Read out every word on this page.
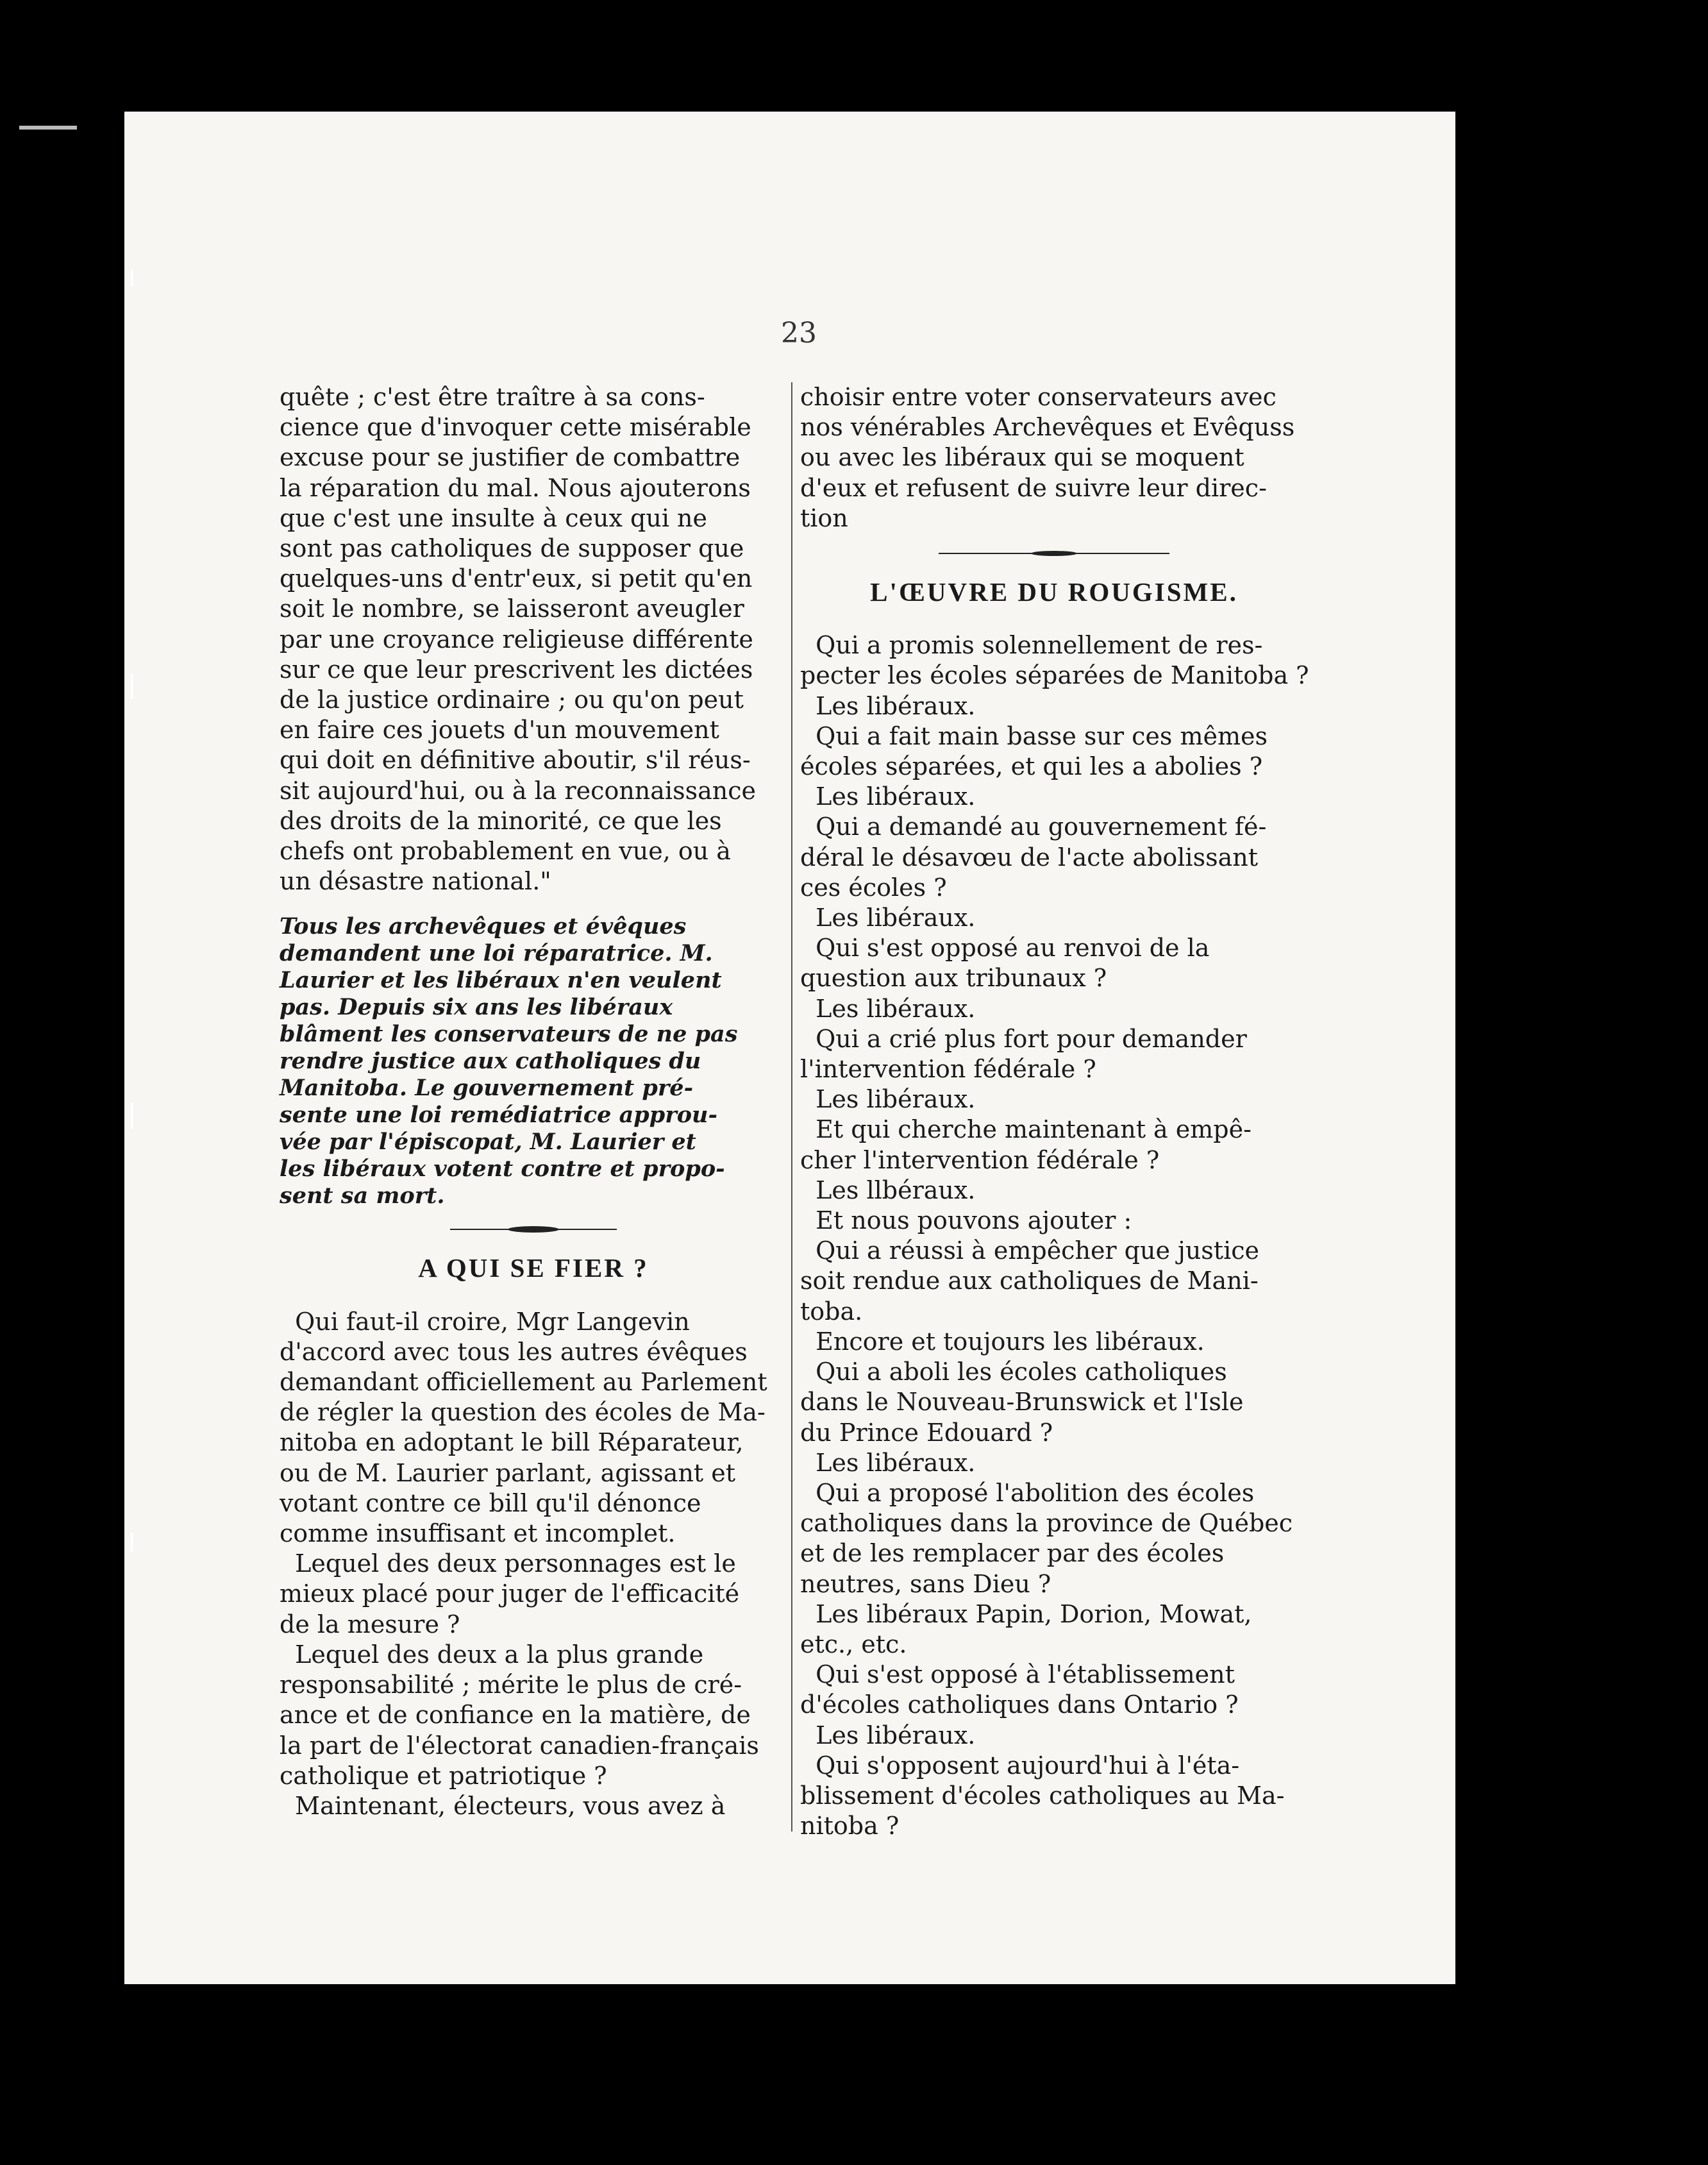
23

quête ; c'est être traître à sa cons-

cience que d'invoquer cette misérable

excuse pour se justifier de combattre

la réparation du mal. Nous ajouterons

que c'est une insulte à ceux qui ne

sont pas catholiques de supposer que

quelques-uns d'entr'eux, si petit qu'en

soit le nombre, se laisseront aveugler

par une croyance religieuse différente

sur ce que leur prescrivent les dictées

de la justice ordinaire ; ou qu'on peut

en faire ces jouets d'un mouvement

qui doit en définitive aboutir, s'il réus-

sit aujourd'hui, ou à la reconnaissance

des droits de la minorité, ce que les

chefs ont probablement en vue, ou à

un désastre national."

Tous les archevêques et évêques

demandent une loi réparatrice. M.

Laurier et les libéraux n'en veulent

pas. Depuis six ans les libéraux

blâment les conservateurs de ne pas

rendre justice aux catholiques du

Manitoba. Le gouvernement pré-

sente une loi remédiatrice approu-

vée par l'épiscopat, M. Laurier et

les libéraux votent contre et propo-

sent sa mort.

A QUI SE FIER ?

Qui faut-il croire, Mgr Langevin

d'accord avec tous les autres évêques

demandant officiellement au Parlement

de régler la question des écoles de Ma-

nitoba en adoptant le bill Réparateur,

ou de M. Laurier parlant, agissant et

votant contre ce bill qu'il dénonce

comme insuffisant et incomplet.

Lequel des deux personnages est le

mieux placé pour juger de l'efficacité

de la mesure ?

Lequel des deux a la plus grande

responsabilité ; mérite le plus de cré-

ance et de confiance en la matière, de

la part de l'électorat canadien-français

catholique et patriotique ?

Maintenant, électeurs, vous avez à

choisir entre voter conservateurs avec

nos vénérables Archevêques et Evêquss

ou avec les libéraux qui se moquent

d'eux et refusent de suivre leur direc-

tion

L'ŒUVRE DU ROUGISME.

Qui a promis solennellement de res-

pecter les écoles séparées de Manitoba ?

Les libéraux.

Qui a fait main basse sur ces mêmes

écoles séparées, et qui les a abolies ?

Les libéraux.

Qui a demandé au gouvernement fé-

déral le désavœu de l'acte abolissant

ces écoles ?

Les libéraux.

Qui s'est opposé au renvoi de la

question aux tribunaux ?

Les libéraux.

Qui a crié plus fort pour demander

l'intervention fédérale ?

Les libéraux.

Et qui cherche maintenant à empê-

cher l'intervention fédérale ?

Les llbéraux.

Et nous pouvons ajouter :

Qui a réussi à empêcher que justice

soit rendue aux catholiques de Mani-

toba.

Encore et toujours les libéraux.

Qui a aboli les écoles catholiques

dans le Nouveau-Brunswick et l'Isle

du Prince Edouard ?

Les libéraux.

Qui a proposé l'abolition des écoles

catholiques dans la province de Québec

et de les remplacer par des écoles

neutres, sans Dieu ?

Les libéraux Papin, Dorion, Mowat,

etc., etc.

Qui s'est opposé à l'établissement

d'écoles catholiques dans Ontario ?

Les libéraux.

Qui s'opposent aujourd'hui à l'éta-

blissement d'écoles catholiques au Ma-

nitoba ?
